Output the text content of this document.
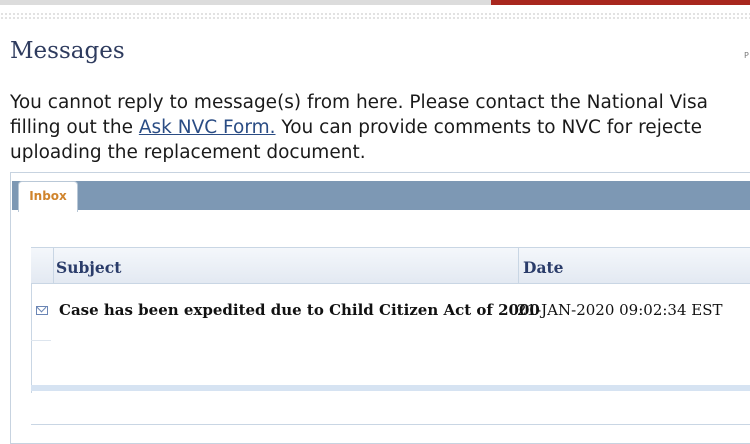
Messages	P
You cannot reply to message(s) from here. Please contact the National Visa
filling out the Ask NVC Form. You can provide comments to NVC for rejecte
uploading the replacement document.
Inbox
Subject	Date
Case has been expedited due to Child Citizen Act of 2000
21-JAN-2020 09:02:34 EST
